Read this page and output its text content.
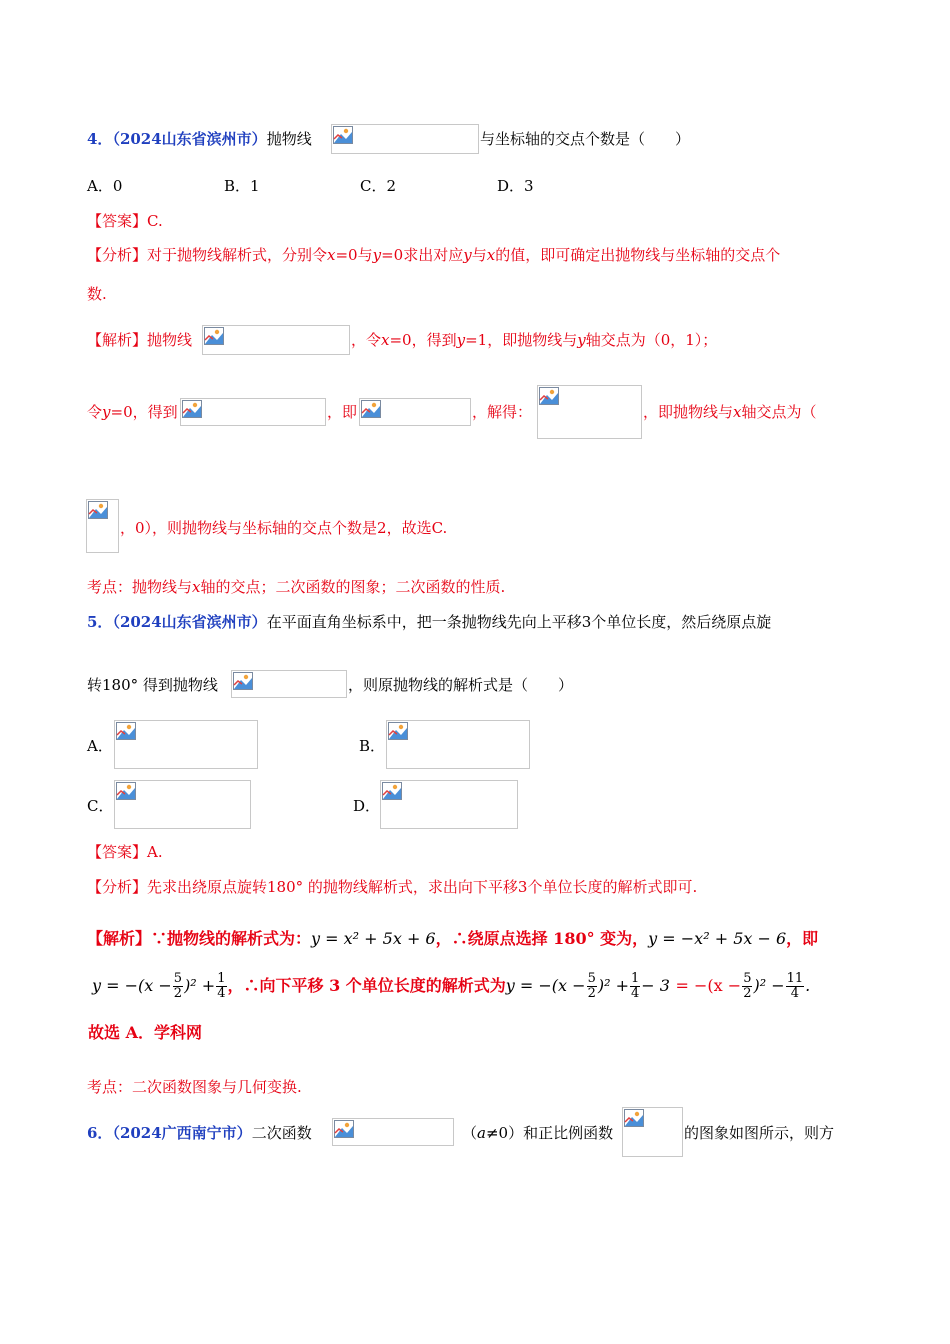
4．（2024山东省滨州市）抛物线	与坐标轴的交点个数是（　　）
A．0	B．1	C．2	D．3
【答案】C.
【分析】对于抛物线解析式，分别令x=0与y=0求出对应y与x的值，即可确定出抛物线与坐标轴的交点个
数.
【解析】抛物线	，令x=0，得到y=1，即抛物线与y轴交点为（0，1）；
令y=0，得到	，即	，解得：	，即抛物线与x轴交点为（
，0），则抛物线与坐标轴的交点个数是2，故选C.
考点：抛物线与x轴的交点；二次函数的图象；二次函数的性质.
5．（2024山东省滨州市）在平面直角坐标系中，把一条抛物线先向上平移3个单位长度，然后绕原点旋
转180° 得到抛物线	，则原抛物线的解析式是（　　）
A．	B．
C．	D．
【答案】A.
【分析】先求出绕原点旋转180° 的抛物线解析式，求出向下平移3个单位长度的解析式即可.
【解析】∵抛物线的解析式为：y = x² + 5x + 6，∴绕原点选择 180° 变为，y = −x² + 5x − 6，即
$y = -(x - \frac{5}{2} )^2 + \frac{1}{4}$ ，∴向下平移 3 个单位长度的解析式为$y = -(x - \frac{5}{2} )^2 + \frac{1}{4} - 3 = -(x - \frac{5}{2} )^2 - \frac{11}{4}$ .
故选 A．学科网
考点：二次函数图象与几何变换.
6．（2024广西南宁市）二次函数	（a≠0）和正比例函数	的图象如图所示，则方
